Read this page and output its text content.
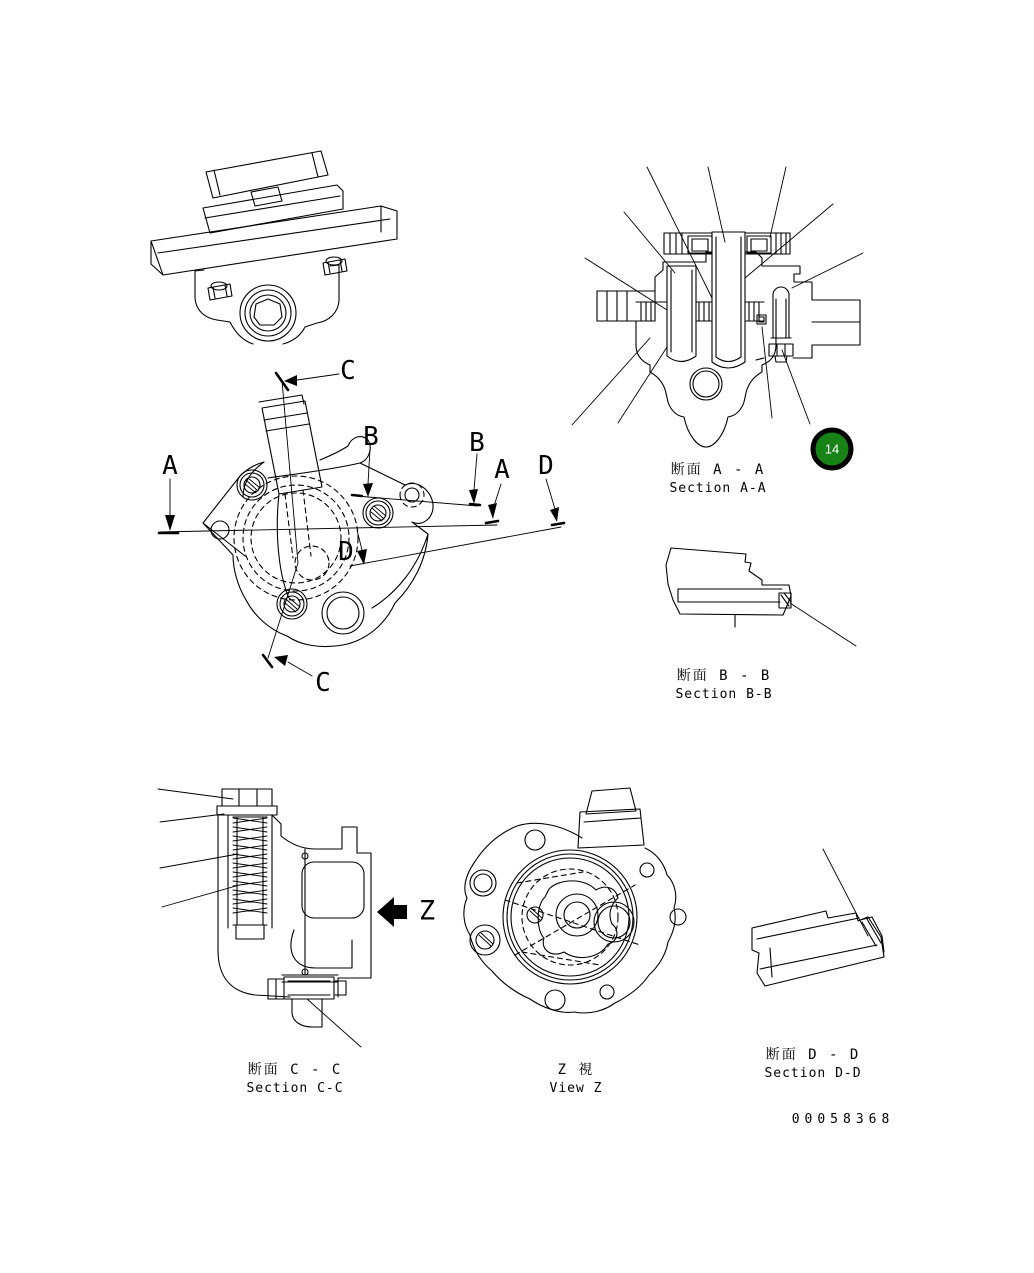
C
B	B
A	A D
D
C
Z
断面 A - A
Section A-A
断面 B - B
Section B-B
断面 C - C
Section C-C
Z 視
View Z
断面 D - D
Section D-D
14
00058368
